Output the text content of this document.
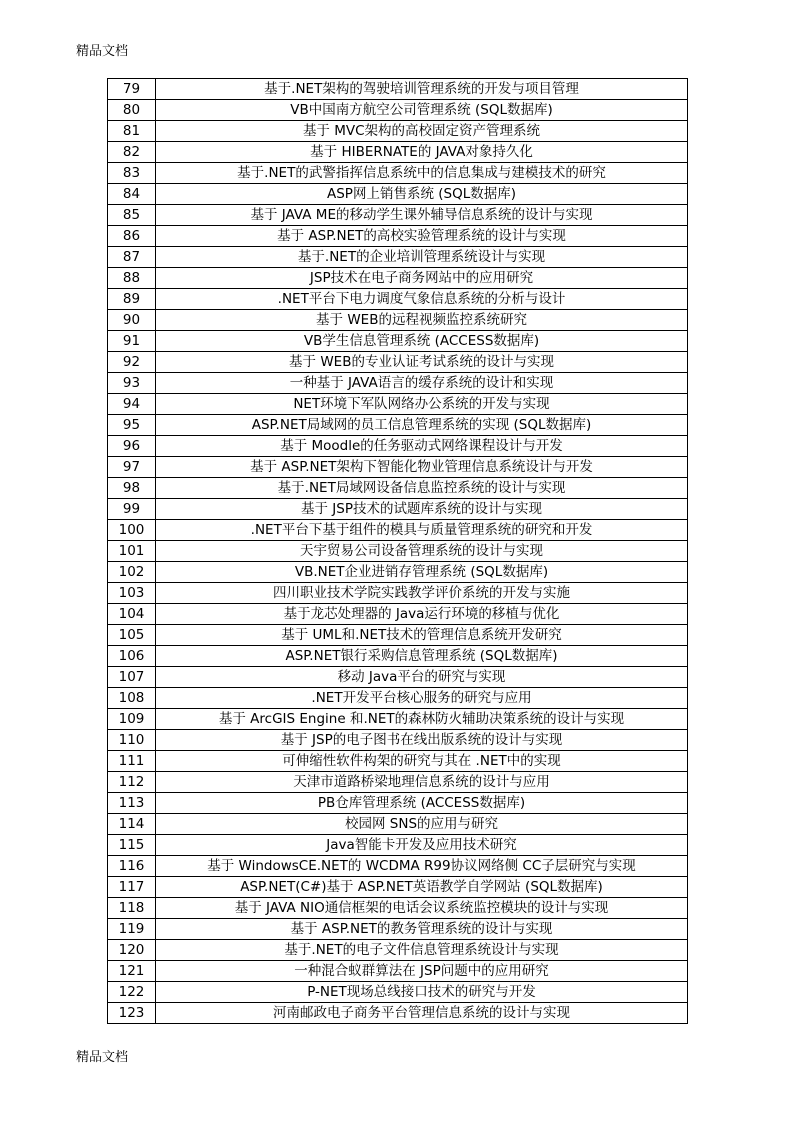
精品文档
79	基于.NET架构的驾驶培训管理系统的开发与项目管理
80	VB中国南方航空公司管理系统 (SQL数据库)
81	基于 MVC架构的高校固定资产管理系统
82	基于 HIBERNATE的 JAVA对象持久化
83	基于.NET的武警指挥信息系统中的信息集成与建模技术的研究
84	ASP网上销售系统 (SQL数据库)
85	基于 JAVA ME的移动学生课外辅导信息系统的设计与实现
86	基于 ASP.NET的高校实验管理系统的设计与实现
87	基于.NET的企业培训管理系统设计与实现
88	JSP技术在电子商务网站中的应用研究
89	.NET平台下电力调度气象信息系统的分析与设计
90	基于 WEB的远程视频监控系统研究
91	VB学生信息管理系统 (ACCESS数据库)
92	基于 WEB的专业认证考试系统的设计与实现
93	一种基于 JAVA语言的缓存系统的设计和实现
94	NET环境下军队网络办公系统的开发与实现
95	ASP.NET局域网的员工信息管理系统的实现 (SQL数据库)
96	基于 Moodle的任务驱动式网络课程设计与开发
97	基于 ASP.NET架构下智能化物业管理信息系统设计与开发
98	基于.NET局域网设备信息监控系统的设计与实现
99	基于 JSP技术的试题库系统的设计与实现
100	.NET平台下基于组件的模具与质量管理系统的研究和开发
101	天宇贸易公司设备管理系统的设计与实现
102	VB.NET企业进销存管理系统 (SQL数据库)
103	四川职业技术学院实践教学评价系统的开发与实施
104	基于龙芯处理器的 Java运行环境的移植与优化
105	基于 UML和.NET技术的管理信息系统开发研究
106	ASP.NET银行采购信息管理系统 (SQL数据库)
107	移动 Java平台的研究与实现
108	.NET开发平台核心服务的研究与应用
109	基于 ArcGIS Engine 和.NET的森林防火辅助决策系统的设计与实现
110	基于 JSP的电子图书在线出版系统的设计与实现
111	可伸缩性软件构架的研究与其在 .NET中的实现
112	天津市道路桥梁地理信息系统的设计与应用
113	PB仓库管理系统 (ACCESS数据库)
114	校园网 SNS的应用与研究
115	Java智能卡开发及应用技术研究
116	基于 WindowsCE.NET的 WCDMA R99协议网络侧 CC子层研究与实现
117	ASP.NET(C#)基于 ASP.NET英语教学自学网站 (SQL数据库)
118	基于 JAVA NIO通信框架的电话会议系统监控模块的设计与实现
119	基于 ASP.NET的教务管理系统的设计与实现
120	基于.NET的电子文件信息管理系统设计与实现
121	一种混合蚁群算法在 JSP问题中的应用研究
122	P-NET现场总线接口技术的研究与开发
123	河南邮政电子商务平台管理信息系统的设计与实现
精品文档
